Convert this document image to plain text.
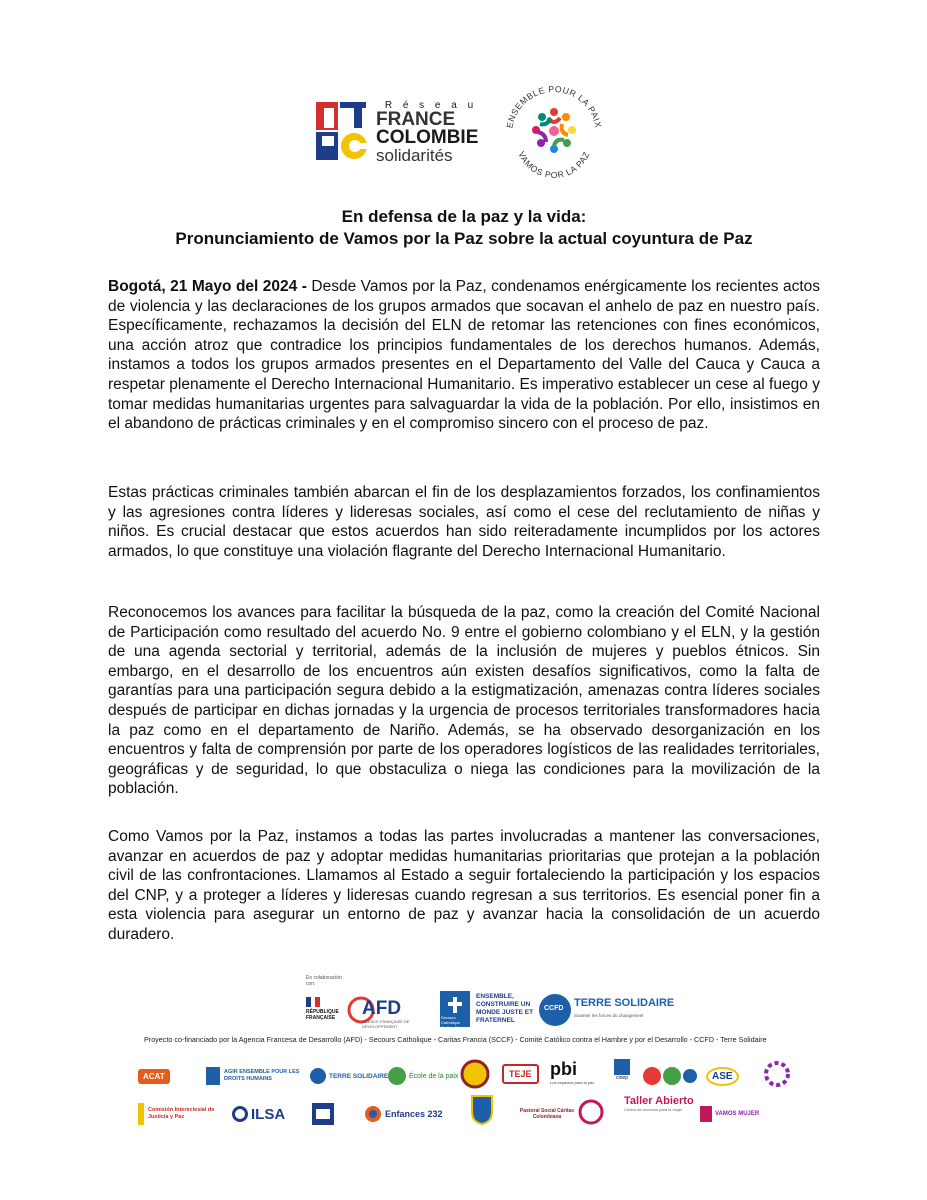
R é s e a u
FRANCE
COLOMBIE
solidarités
ENSEMBLE POUR LA PAIX
VAMOS POR LA PAZ
En defensa de la paz y la vida:
Pronunciamiento de Vamos por la Paz sobre la actual coyuntura de Paz

Bogotá, 21 Mayo del 2024 - Desde Vamos por la Paz, condenamos enérgicamente los recientes actos de violencia y las declaraciones de los grupos armados que socavan el anhelo de paz en nuestro país. Específicamente, rechazamos la decisión del ELN de retomar las retenciones con fines económicos, una acción atroz que contradice los principios fundamentales de los derechos humanos. Además, instamos a todos los grupos armados presentes en el Departamento del Valle del Cauca y Cauca a respetar plenamente el Derecho Internacional Humanitario. Es imperativo establecer un cese al fuego y tomar medidas humanitarias urgentes para salvaguardar la vida de la población. Por ello, insistimos en el abandono de prácticas criminales y en el compromiso sincero con el proceso de paz.

Estas prácticas criminales también abarcan el fin de los desplazamientos forzados, los confinamientos y las agresiones contra líderes y lideresas sociales, así como el cese del reclutamiento de niñas y niños. Es crucial destacar que estos acuerdos han sido reiteradamente incumplidos por los actores armados, lo que constituye una violación flagrante del Derecho Internacional Humanitario.

Reconocemos los avances para facilitar la búsqueda de la paz, como la creación del Comité Nacional de Participación como resultado del acuerdo No. 9 entre el gobierno colombiano y el ELN, y la gestión de una agenda sectorial y territorial, además de la inclusión de mujeres y pueblos étnicos. Sin embargo, en el desarrollo de los encuentros aún existen desafíos significativos, como la falta de garantías para una participación segura debido a la estigmatización, amenazas contra líderes sociales después de participar en dichas jornadas y la urgencia de procesos territoriales transformadores hacia la paz como en el departamento de Nariño. Además, se ha observado desorganización en los encuentros y falta de comprensión por parte de los operadores logísticos de las realidades territoriales, geográficas y de seguridad, lo que obstaculiza o niega las condiciones para la movilización de la población.

Como Vamos por la Paz, instamos a todas las partes involucradas a mantener las conversaciones, avanzar en acuerdos de paz y adoptar medidas humanitarias prioritarias que protejan a la población civil de las confrontaciones. Llamamos al Estado a seguir fortaleciendo la participación y los espacios del CNP, y a proteger a líderes y lideresas cuando regresan a sus territorios. Es esencial poner fin a esta violencia para asegurar un entorno de paz y avanzar hacia la consolidación de un acuerdo duradero.

En colaboración con:
RÉPUBLIQUE FRANÇAISE	AFD
AGENCE FRANÇAISE DE DÉVELOPPEMENT
Secours Catholique Caritas France
ENSEMBLE, CONSTRUIRE UN MONDE JUSTE ET FRATERNEL
CCFD TERRE SOLIDAIRE
Soutenir les forces du changement
Proyecto co-financiado por la Agencia Francesa de Desarrollo (AFD) - Secours Catholique - Caritas Francia (SCCF) - Comité Católico contra el Hambre y por el Desarrollo - CCFD - Terre Solidaire
ACAT	AGIR ENSEMBLE POUR LES DROITS HUMAINS	TERRE SOLIDAIRE	École de la paix	TEJE	pbi
Los espacios para la paz
cinep	ASE
Comisión Intereclesial de Justicia y Paz	ILSA	Enfances 232	Pastoral Social Cáritas Colombiana
Taller Abierto
Centro de recursos para la mujer
VAMOS MUJER
